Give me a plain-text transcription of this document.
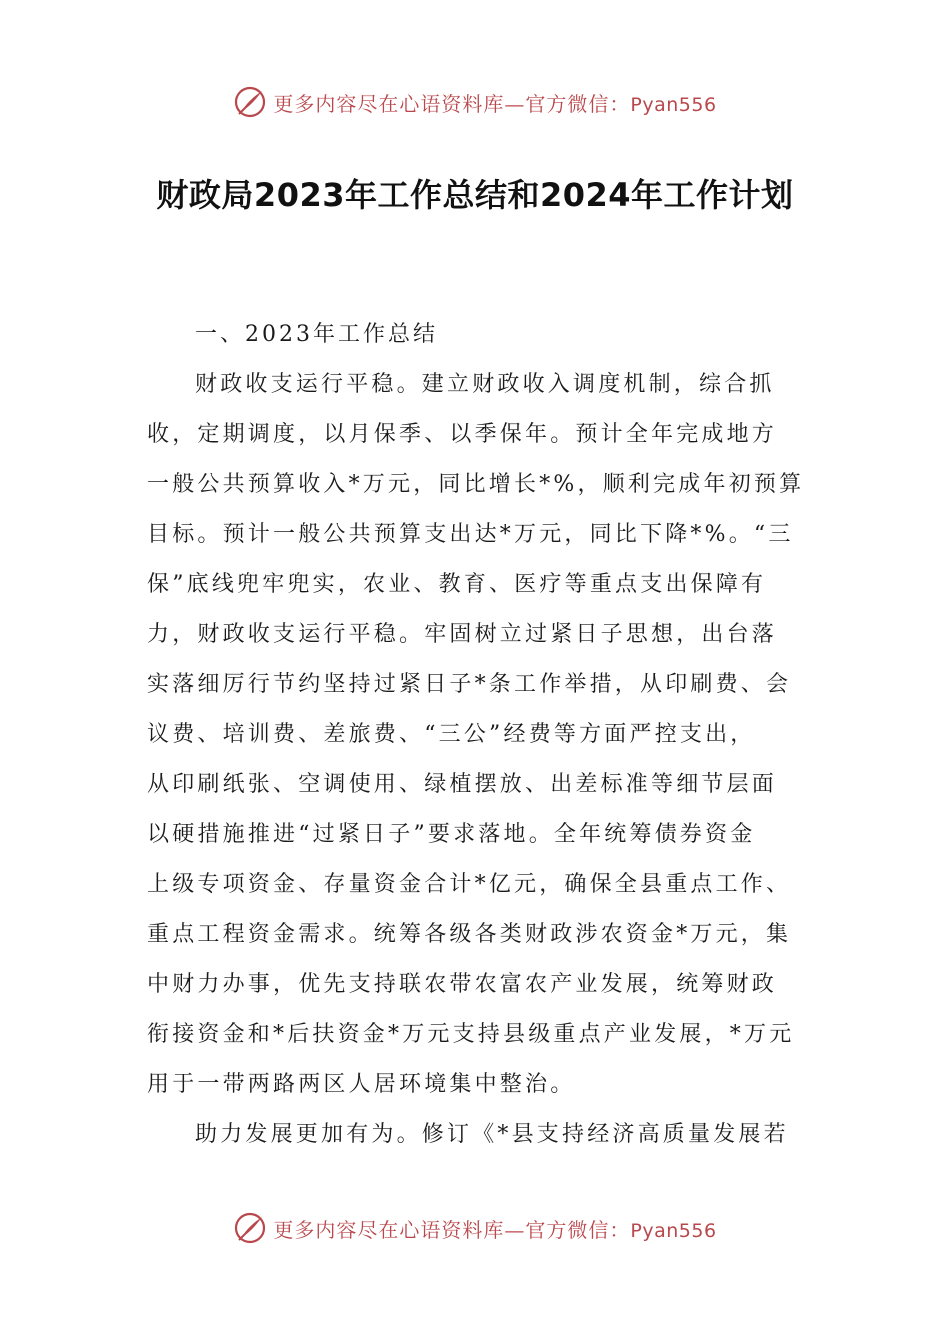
更多内容尽在心语资料库—官方微信：Pyan556
财政局2023年工作总结和2024年工作计划
一、2023年工作总结
财政收支运行平稳。建立财政收入调度机制，综合抓
收，定期调度，以月保季、以季保年。预计全年完成地方
一般公共预算收入*万元，同比增长*%，顺利完成年初预算
目标。预计一般公共预算支出达*万元，同比下降*%。“三
保”底线兜牢兜实，农业、教育、医疗等重点支出保障有
力，财政收支运行平稳。牢固树立过紧日子思想，出台落
实落细厉行节约坚持过紧日子*条工作举措，从印刷费、会
议费、培训费、差旅费、“三公”经费等方面严控支出，
从印刷纸张、空调使用、绿植摆放、出差标准等细节层面
以硬措施推进“过紧日子”要求落地。全年统筹债券资金
上级专项资金、存量资金合计*亿元，确保全县重点工作、
重点工程资金需求。统筹各级各类财政涉农资金*万元，集
中财力办事，优先支持联农带农富农产业发展，统筹财政
衔接资金和*后扶资金*万元支持县级重点产业发展，*万元
用于一带两路两区人居环境集中整治。
助力发展更加有为。修订《*县支持经济高质量发展若
更多内容尽在心语资料库—官方微信：Pyan556
